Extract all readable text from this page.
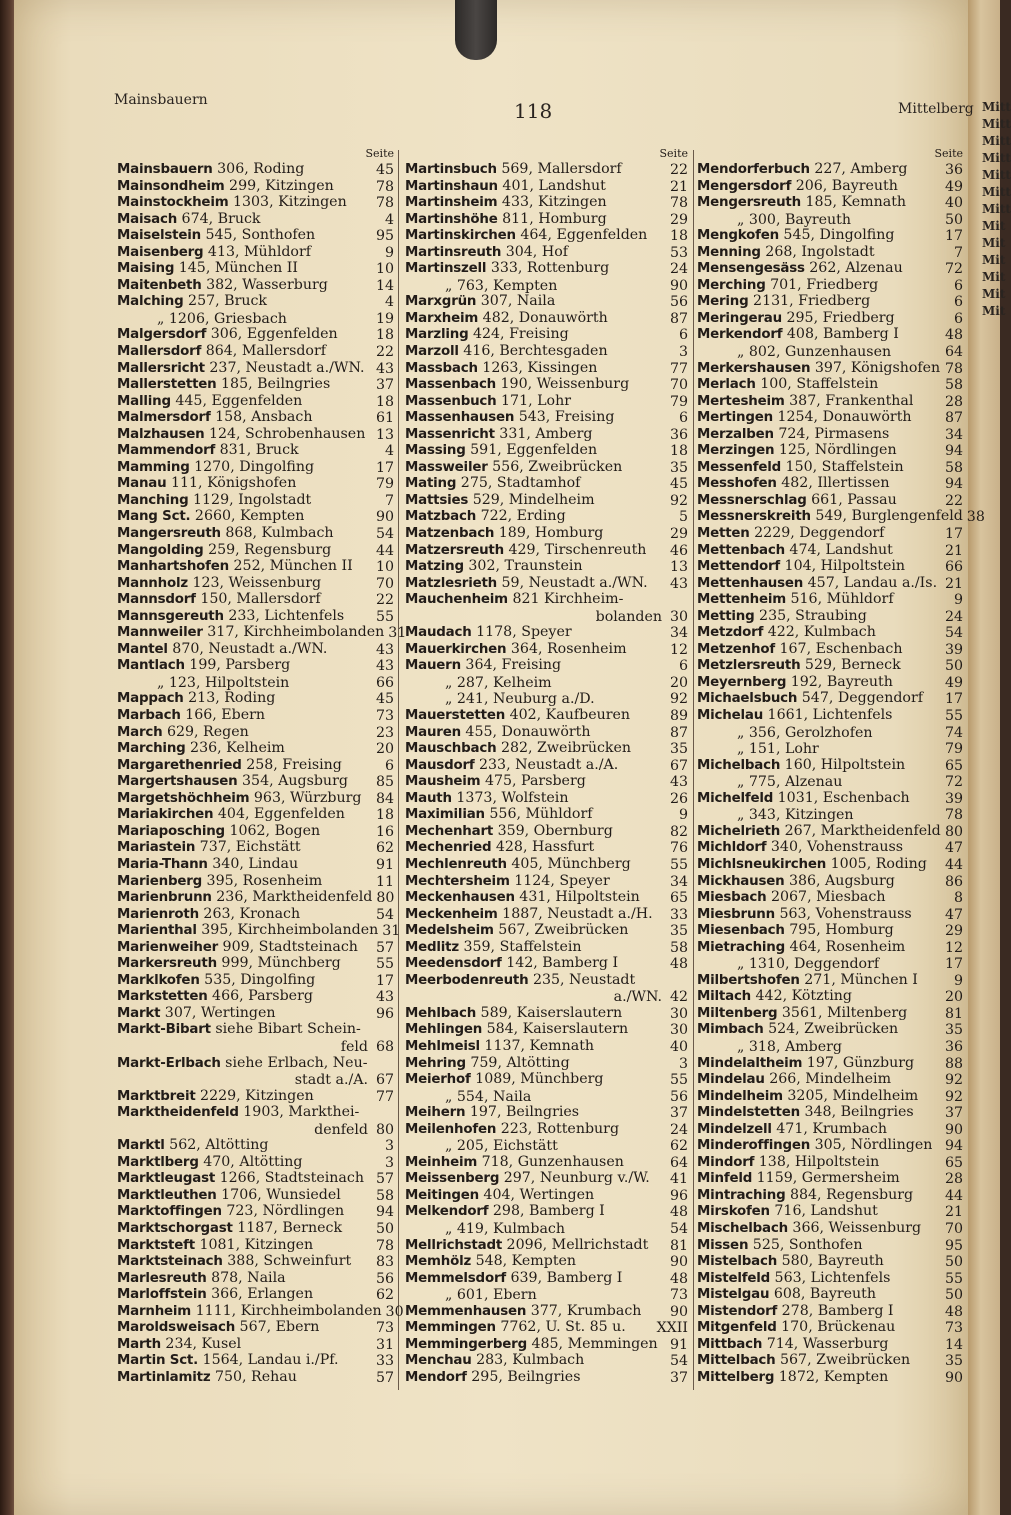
Mitt
Mitt
Mitt
Mitt
Mitt
Mitt
Mitt
Mit
Mit
Mit
Mit
Mit
Mit
Mainsbauern	118	Mittelberg
Seite
Mainsbauern 306, Roding	45
Mainsondheim 299, Kitzingen	78
Mainstockheim 1303, Kitzingen	78
Maisach 674, Bruck	4
Maiselstein 545, Sonthofen	95
Maisenberg 413, Mühldorf	9
Maising 145, München II	10
Maitenbeth 382, Wasserburg	14
Malching 257, Bruck	4
„ 1206, Griesbach	19
Malgersdorf 306, Eggenfelden	18
Mallersdorf 864, Mallersdorf	22
Mallersricht 237, Neustadt a./WN. 43
Mallerstetten 185, Beilngries	37
Malling 445, Eggenfelden	18
Malmersdorf 158, Ansbach	61
Malzhausen 124, Schrobenhausen 13
Mammendorf 831, Bruck	4
Mamming 1270, Dingolfing	17
Manau 111, Königshofen	79
Manching 1129, Ingolstadt	7
Mang Sct. 2660, Kempten	90
Mangersreuth 868, Kulmbach	54
Mangolding 259, Regensburg	44
Manhartshofen 252, München II	10
Mannholz 123, Weissenburg	70
Mannsdorf 150, Mallersdorf	22
Mannsgereuth 233, Lichtenfels	55
Mannweiler 317, Kirchheimbolanden 31
Mantel 870, Neustadt a./WN.	43
Mantlach 199, Parsberg	43
„ 123, Hilpoltstein	66
Mappach 213, Roding	45
Marbach 166, Ebern	73
March 629, Regen	23
Marching 236, Kelheim	20
Margarethenried 258, Freising	6
Margertshausen 354, Augsburg	85
Margetshöchheim 963, Würzburg	84
Mariakirchen 404, Eggenfelden	18
Mariaposching 1062, Bogen	16
Mariastein 737, Eichstätt	62
Maria-Thann 340, Lindau	91
Marienberg 395, Rosenheim	11
Marienbrunn 236, Marktheidenfeld 80
Marienroth 263, Kronach	54
Marienthal 395, Kirchheimbolanden 31
Marienweiher 909, Stadtsteinach	57
Markersreuth 999, Münchberg	55
Marklkofen 535, Dingolfing	17
Markstetten 466, Parsberg	43
Markt 307, Wertingen	96
Markt-Bibart siehe Bibart Schein-
feld 68
Markt-Erlbach siehe Erlbach, Neu-
stadt a./A. 67
Marktbreit 2229, Kitzingen	77
Marktheidenfeld 1903, Marktheі-
denfeld 80
Marktl 562, Altötting	3
Marktlberg 470, Altötting	3
Marktleugast 1266, Stadtsteinach 57
Marktleuthen 1706, Wunsiedel	58
Marktoffingen 723, Nördlingen	94
Marktschorgast 1187, Berneck	50
Marktsteft 1081, Kitzingen	78
Marktsteinach 388, Schweinfurt	83
Marlesreuth 878, Naila	56
Marloffstein 366, Erlangen	62
Marnheim 1111, Kirchheimbolanden 30
Maroldsweisach 567, Ebern	73
Marth 234, Kusel	31
Martin Sct. 1564, Landau i./Pf.	33
Martinlamitz 750, Rehau	57
Seite
Martinsbuch 569, Mallersdorf	22
Martinshaun 401, Landshut	21
Martinsheim 433, Kitzingen	78
Martinshöhe 811, Homburg	29
Martinskirchen 464, Eggenfelden	18
Martinsreuth 304, Hof	53
Martinszell 333, Rottenburg	24
„ 763, Kempten	90
Marxgrün 307, Naila	56
Marxheim 482, Donauwörth	87
Marzling 424, Freising	6
Marzoll 416, Berchtesgaden	3
Massbach 1263, Kissingen	77
Massenbach 190, Weissenburg	70
Massenbuch 171, Lohr	79
Massenhausen 543, Freising	6
Massenricht 331, Amberg	36
Massing 591, Eggenfelden	18
Massweiler 556, Zweibrücken	35
Mating 275, Stadtamhof	45
Mattsies 529, Mindelheim	92
Matzbach 722, Erding	5
Matzenbach 189, Homburg	29
Matzersreuth 429, Tirschenreuth	46
Matzing 302, Traunstein	13
Matzlesrieth 59, Neustadt a./WN.	43
Mauchenheim 821 Kirchheim-
bolanden 30
Maudach 1178, Speyer	34
Mauerkirchen 364, Rosenheim	12
Mauern 364, Freising	6
„ 287, Kelheim	20
„ 241, Neuburg a./D.	92
Mauerstetten 402, Kaufbeuren	89
Mauren 455, Donauwörth	87
Mauschbach 282, Zweibrücken	35
Mausdorf 233, Neustadt a./A.	67
Mausheim 475, Parsberg	43
Mauth 1373, Wolfstein	26
Maximilian 556, Mühldorf	9
Mechenhart 359, Obernburg	82
Mechenried 428, Hassfurt	76
Mechlenreuth 405, Münchberg	55
Mechtersheim 1124, Speyer	34
Meckenhausen 431, Hilpoltstein	65
Meckenheim 1887, Neustadt a./H.	33
Medelsheim 567, Zweibrücken	35
Medlitz 359, Staffelstein	58
Meedensdorf 142, Bamberg I	48
Meerbodenreuth 235, Neustadt
a./WN. 42
Mehlbach 589, Kaiserslautern	30
Mehlingen 584, Kaiserslautern	30
Mehlmeisl 1137, Kemnath	40
Mehring 759, Altötting	3
Meierhof 1089, Münchberg	55
„ 554, Naila	56
Meihern 197, Beilngries	37
Meilenhofen 223, Rottenburg	24
„ 205, Eichstätt	62
Meinheim 718, Gunzenhausen	64
Meissenberg 297, Neunburg v./W.	41
Meitingen 404, Wertingen	96
Melkendorf 298, Bamberg I	48
„ 419, Kulmbach	54
Mellrichstadt 2096, Mellrichstadt	81
Memhölz 548, Kempten	90
Memmelsdorf 639, Bamberg I	48
„ 601, Ebern	73
Memmenhausen 377, Krumbach	90
Memmingen 7762, U. St. 85 u.	XXII
Memmingerberg 485, Memmingen 91
Menchau 283, Kulmbach	54
Mendorf 295, Beilngries	37
Seite
Mendorferbuch 227, Amberg	36
Mengersdorf 206, Bayreuth	49
Mengersreuth 185, Kemnath	40
„ 300, Bayreuth	50
Mengkofen 545, Dingolfing	17
Menning 268, Ingolstadt	7
Mensengesäss 262, Alzenau	72
Merching 701, Friedberg	6
Mering 2131, Friedberg	6
Meringerau 295, Friedberg	6
Merkendorf 408, Bamberg I	48
„ 802, Gunzenhausen	64
Merkershausen 397, Königshofen 78
Merlach 100, Staffelstein	58
Mertesheim 387, Frankenthal	28
Mertingen 1254, Donauwörth	87
Merzalben 724, Pirmasens	34
Merzingen 125, Nördlingen	94
Messenfeld 150, Staffelstein	58
Messhofen 482, Illertissen	94
Messnerschlag 661, Passau	22
Messnerskreith 549, Burglengenfeld 38
Metten 2229, Deggendorf	17
Mettenbach 474, Landshut	21
Mettendorf 104, Hilpoltstein	66
Mettenhausen 457, Landau a./Is. 21
Mettenheim 516, Mühldorf	9
Metting 235, Straubing	24
Metzdorf 422, Kulmbach	54
Metzenhof 167, Eschenbach	39
Metzlersreuth 529, Berneck	50
Meyernberg 192, Bayreuth	49
Michaelsbuch 547, Deggendorf	17
Michelau 1661, Lichtenfels	55
„ 356, Gerolzhofen	74
„ 151, Lohr	79
Michelbach 160, Hilpoltstein	65
„ 775, Alzenau	72
Michelfeld 1031, Eschenbach	39
„ 343, Kitzingen	78
Michelrieth 267, Marktheidenfeld 80
Michldorf 340, Vohenstrauss	47
Michlsneukirchen 1005, Roding	44
Mickhausen 386, Augsburg	86
Miesbach 2067, Miesbach	8
Miesbrunn 563, Vohenstrauss	47
Miesenbach 795, Homburg	29
Mietraching 464, Rosenheim	12
„ 1310, Deggendorf	17
Milbertshofen 271, München I	9
Miltach 442, Kötzting	20
Miltenberg 3561, Miltenberg	81
Mimbach 524, Zweibrücken	35
„ 318, Amberg	36
Mindelaltheim 197, Günzburg	88
Mindelau 266, Mindelheim	92
Mindelheim 3205, Mindelheim	92
Mindelstetten 348, Beilngries	37
Mindelzell 471, Krumbach	90
Minderoffingen 305, Nördlingen 94
Mindorf 138, Hilpoltstein	65
Minfeld 1159, Germersheim	28
Mintraching 884, Regensburg	44
Mirskofen 716, Landshut	21
Mischelbach 366, Weissenburg	70
Missen 525, Sonthofen	95
Mistelbach 580, Bayreuth	50
Mistelfeld 563, Lichtenfels	55
Mistelgau 608, Bayreuth	50
Mistendorf 278, Bamberg I	48
Mitgenfeld 170, Brückenau	73
Mittbach 714, Wasserburg	14
Mittelbach 567, Zweibrücken	35
Mittelberg 1872, Kempten	90
